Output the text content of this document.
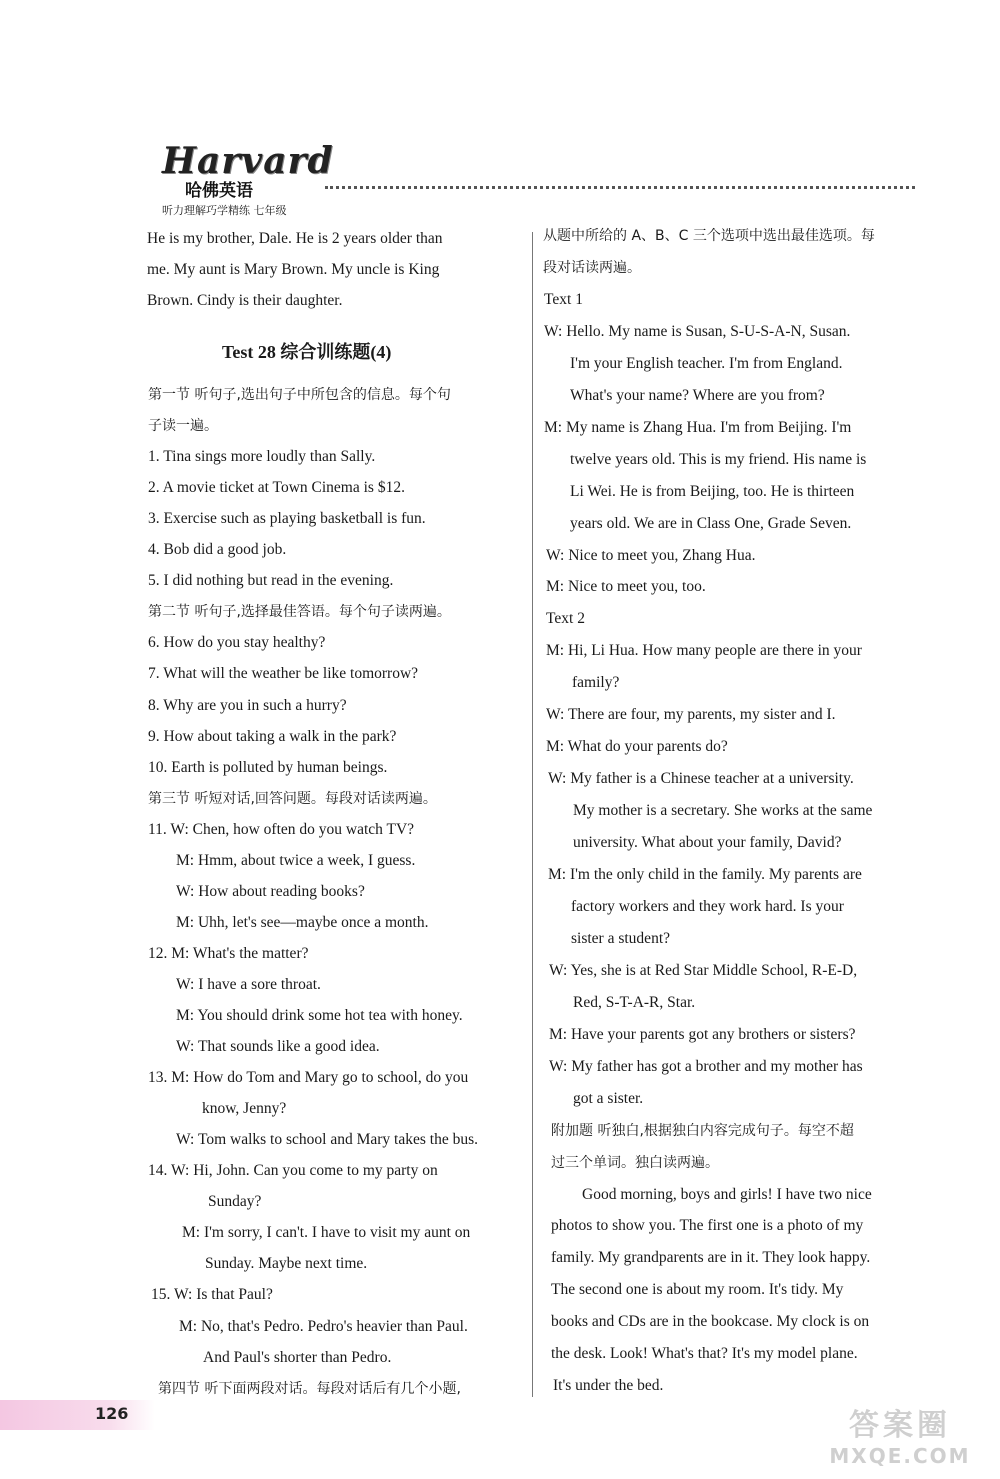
Harvard
哈佛英语
听力理解巧学精练 七年级
He is my brother, Dale. He is 2 years older than
me. My aunt is Mary Brown. My uncle is King
Brown. Cindy is their daughter.
Test 28 综合训练题(4)
第一节 听句子,选出句子中所包含的信息。每个句
子读一遍。
1. Tina sings more loudly than Sally.
2. A movie ticket at Town Cinema is $12.
3. Exercise such as playing basketball is fun.
4. Bob did a good job.
5. I did nothing but read in the evening.
第二节 听句子,选择最佳答语。每个句子读两遍。
6. How do you stay healthy?
7. What will the weather be like tomorrow?
8. Why are you in such a hurry?
9. How about taking a walk in the park?
10. Earth is polluted by human beings.
第三节 听短对话,回答问题。每段对话读两遍。
11. W: Chen, how often do you watch TV?
M: Hmm, about twice a week, I guess.
W: How about reading books?
M: Uhh, let's see—maybe once a month.
12. M: What's the matter?
W: I have a sore throat.
M: You should drink some hot tea with honey.
W: That sounds like a good idea.
13. M: How do Tom and Mary go to school, do you
know, Jenny?
W: Tom walks to school and Mary takes the bus.
14. W: Hi, John. Can you come to my party on
Sunday?
M: I'm sorry, I can't. I have to visit my aunt on
Sunday. Maybe next time.
15. W: Is that Paul?
M: No, that's Pedro. Pedro's heavier than Paul.
And Paul's shorter than Pedro.
第四节 听下面两段对话。每段对话后有几个小题,
从题中所给的 A、B、C 三个选项中选出最佳选项。每
段对话读两遍。
Text 1
W: Hello. My name is Susan, S-U-S-A-N, Susan.
I'm your English teacher. I'm from England.
What's your name? Where are you from?
M: My name is Zhang Hua. I'm from Beijing. I'm
twelve years old. This is my friend. His name is
Li Wei. He is from Beijing, too. He is thirteen
years old. We are in Class One, Grade Seven.
W: Nice to meet you, Zhang Hua.
M: Nice to meet you, too.
Text 2
M: Hi, Li Hua. How many people are there in your
family?
W: There are four, my parents, my sister and I.
M: What do your parents do?
W: My father is a Chinese teacher at a university.
My mother is a secretary. She works at the same
university. What about your family, David?
M: I'm the only child in the family. My parents are
factory workers and they work hard. Is your
sister a student?
W: Yes, she is at Red Star Middle School, R-E-D,
Red, S-T-A-R, Star.
M: Have your parents got any brothers or sisters?
W: My father has got a brother and my mother has
got a sister.
附加题 听独白,根据独白内容完成句子。每空不超
过三个单词。独白读两遍。
Good morning, boys and girls! I have two nice
photos to show you. The first one is a photo of my
family. My grandparents are in it. They look happy.
The second one is about my room. It's tidy. My
books and CDs are in the bookcase. My clock is on
the desk. Look! What's that? It's my model plane.
It's under the bed.
126	答案圈
MXQE.COM
